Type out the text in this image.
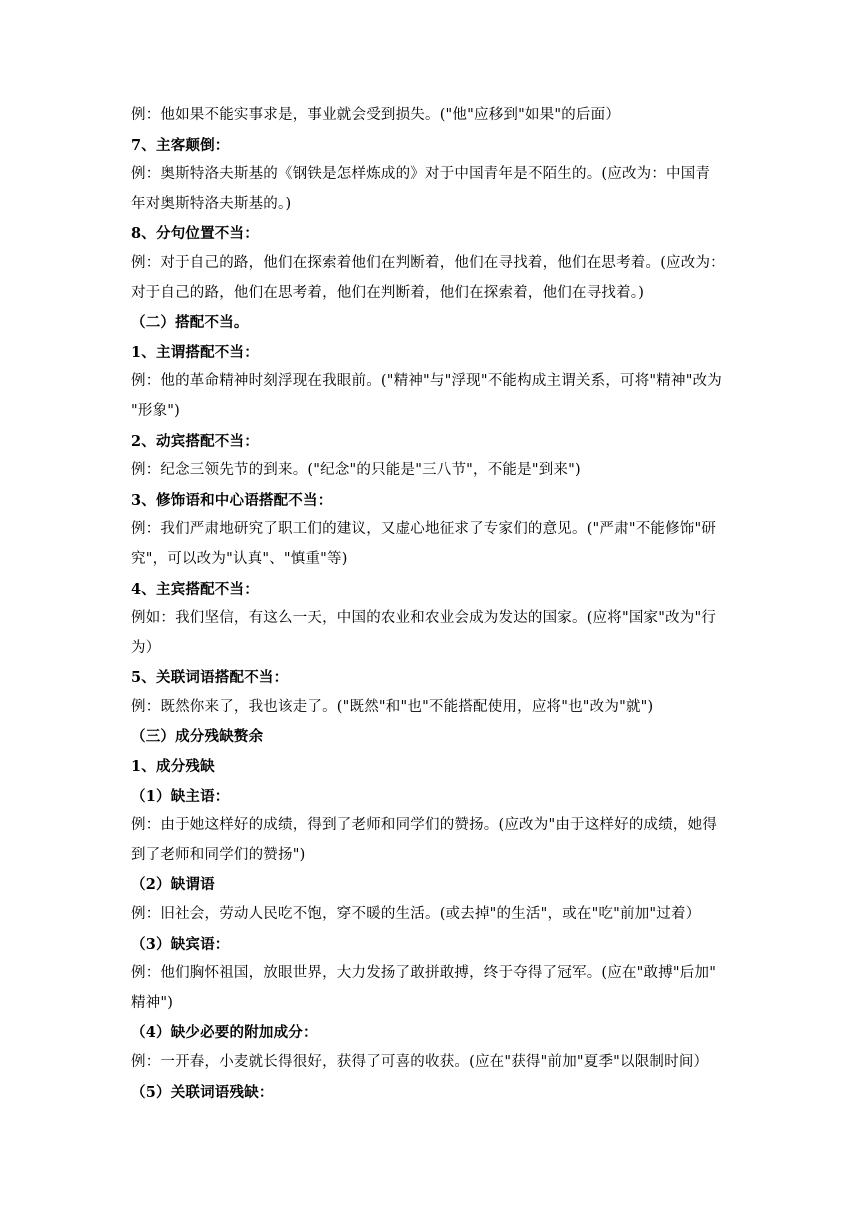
例：他如果不能实事求是，事业就会受到损失。("他"应移到"如果"的后面）
7、主客颠倒：
例：奥斯特洛夫斯基的《钢铁是怎样炼成的》对于中国青年是不陌生的。(应改为：中国青
年对奥斯特洛夫斯基的。)
8、分句位置不当：
例：对于自己的路，他们在探索着他们在判断着，他们在寻找着，他们在思考着。(应改为：
对于自己的路，他们在思考着，他们在判断着，他们在探索着，他们在寻找着。)
（二）搭配不当。
1、主谓搭配不当：
例：他的革命精神时刻浮现在我眼前。("精神"与"浮现"不能构成主谓关系，可将"精神"改为
"形象")
2、动宾搭配不当：
例：纪念三领先节的到来。("纪念"的只能是"三八节"，不能是"到来")
3、修饰语和中心语搭配不当：
例：我们严肃地研究了职工们的建议，又虚心地征求了专家们的意见。("严肃"不能修饰"研
究"，可以改为"认真"、"慎重"等)
4、主宾搭配不当：
例如：我们坚信，有这么一天，中国的农业和农业会成为发达的国家。(应将"国家"改为"行
为）
5、关联词语搭配不当：
例：既然你来了，我也该走了。("既然"和"也"不能搭配使用，应将"也"改为"就")
（三）成分残缺赘余
1、成分残缺
（1）缺主语：
例：由于她这样好的成绩，得到了老师和同学们的赞扬。(应改为"由于这样好的成绩，她得
到了老师和同学们的赞扬")
（2）缺谓语
例：旧社会，劳动人民吃不饱，穿不暖的生活。(或去掉"的生活"，或在"吃"前加"过着）
（3）缺宾语：
例：他们胸怀祖国，放眼世界，大力发扬了敢拼敢搏，终于夺得了冠军。(应在"敢搏"后加"
精神")
（4）缺少必要的附加成分：
例：一开春，小麦就长得很好，获得了可喜的收获。(应在"获得"前加"夏季"以限制时间）
（5）关联词语残缺：
